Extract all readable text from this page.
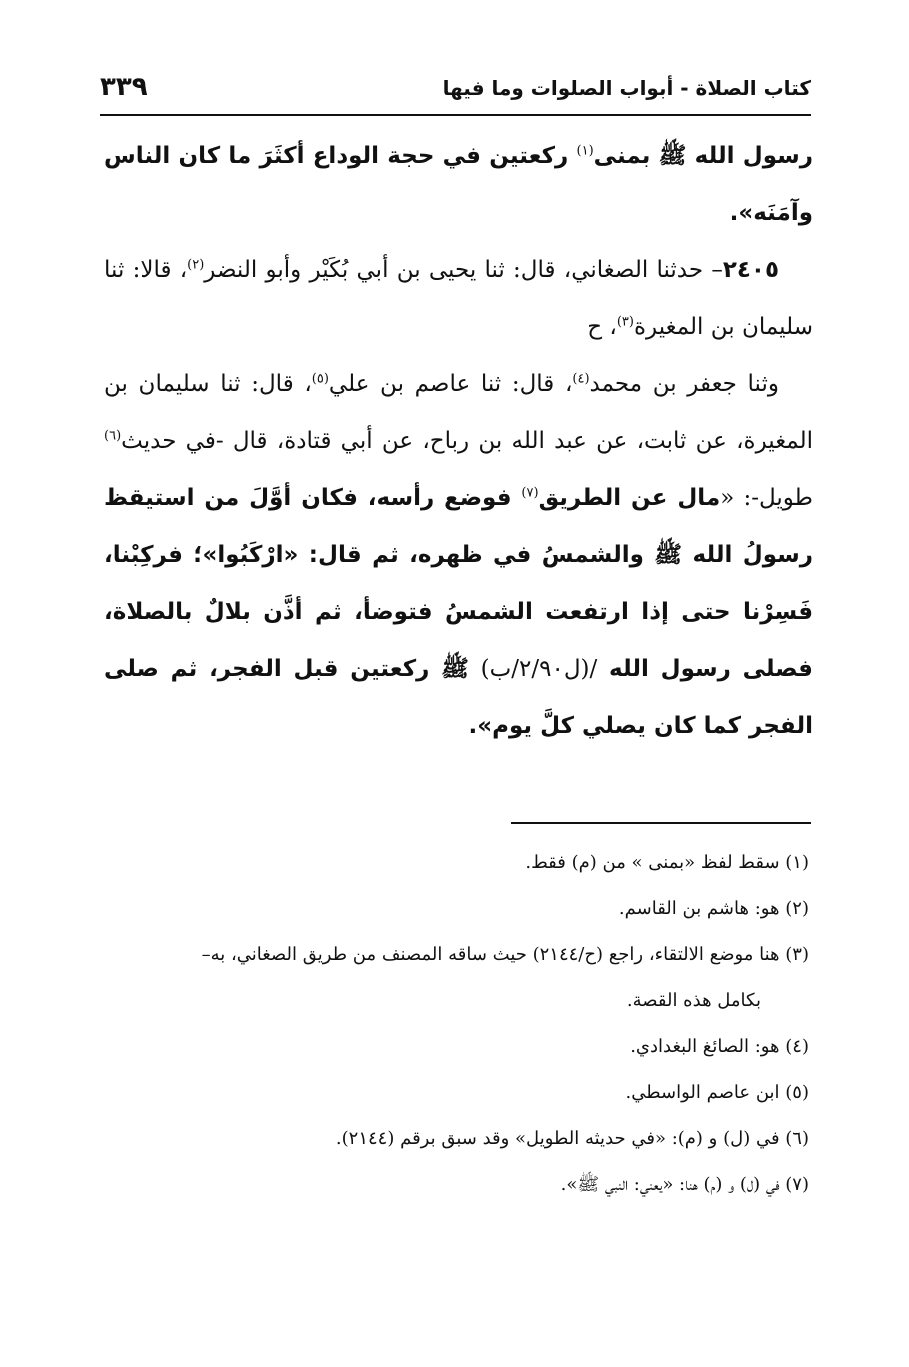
كتاب الصلاة - أبواب الصلوات وما فيها
٣٣٩

رسول الله ﷺ بمنى$^{(١)}$ ركعتين في حجة الوداع أكثَرَ ما كان الناس وآمَنَه».

٢٤٠٥– حدثنا الصغاني، قال: ثنا يحيى بن أبي بُكَيْر وأبو النضر$^{(٢)}$، قالا: ثنا سليمان بن المغيرة$^{(٣)}$، ح

وثنا جعفر بن محمد$^{(٤)}$، قال: ثنا عاصم بن علي$^{(٥)}$، قال: ثنا سليمان بن المغيرة، عن ثابت، عن عبد الله بن رباح، عن أبي قتادة، قال -في حديث$^{(٦)}$ طويل-: «مال عن الطريق$^{(٧)}$ فوضع رأسه، فكان أوَّلَ من استيقظ رسولُ الله ﷺ والشمسُ في ظهره، ثم قال: «ارْكَبُوا»؛ فركِبْنا، فَسِرْنا حتى إذا ارتفعت الشمسُ فتوضأ، ثم أذَّن بلالٌ بالصلاة، فصلى رسول الله /(ل٢/٩٠/ب) ﷺ ركعتين قبل الفجر، ثم صلى الفجر كما كان يصلي كلَّ يوم».

(١) سقط لفظ «بمنى » من (م) فقط.

(٢) هو: هاشم بن القاسم.

(٣) هنا موضع الالتقاء، راجع (ح/٢١٤٤) حيث ساقه المصنف من طريق الصغاني، به–

بكامل هذه القصة.

(٤) هو: الصائغ البغدادي.

(٥) ابن عاصم الواسطي.

(٦) في (ل) و (م): «في حديثه الطويل» وقد سبق برقم (٢١٤٤).

(٧) في (ل) و (م) هنا: «يعني: النبي ﷺ».
